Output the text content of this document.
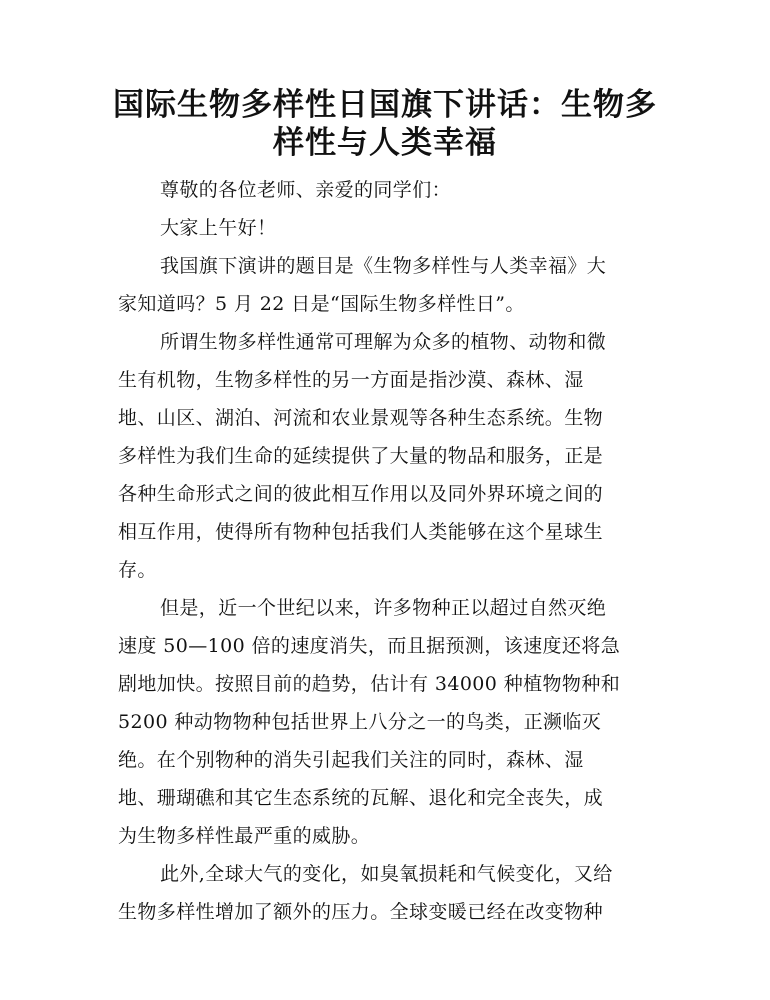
国际生物多样性日国旗下讲话：生物多
样性与人类幸福

尊敬的各位老师、亲爱的同学们：

大家上午好！

我国旗下演讲的题目是《生物多样性与人类幸福》大

家知道吗？5 月 22 日是“国际生物多样性日”。

所谓生物多样性通常可理解为众多的植物、动物和微

生有机物，生物多样性的另一方面是指沙漠、森林、湿

地、山区、湖泊、河流和农业景观等各种生态系统。生物

多样性为我们生命的延续提供了大量的物品和服务，正是

各种生命形式之间的彼此相互作用以及同外界环境之间的

相互作用，使得所有物种包括我们人类能够在这个星球生

存。

但是，近一个世纪以来，许多物种正以超过自然灭绝

速度 50—100 倍的速度消失，而且据预测，该速度还将急

剧地加快。按照目前的趋势，估计有 34000 种植物物种和

5200 种动物物种包括世界上八分之一的鸟类，正濒临灭

绝。在个别物种的消失引起我们关注的同时，森林、湿

地、珊瑚礁和其它生态系统的瓦解、退化和完全丧失，成

为生物多样性最严重的威胁。

此外,全球大气的变化，如臭氧损耗和气候变化，又给

生物多样性增加了额外的压力。全球变暖已经在改变物种
